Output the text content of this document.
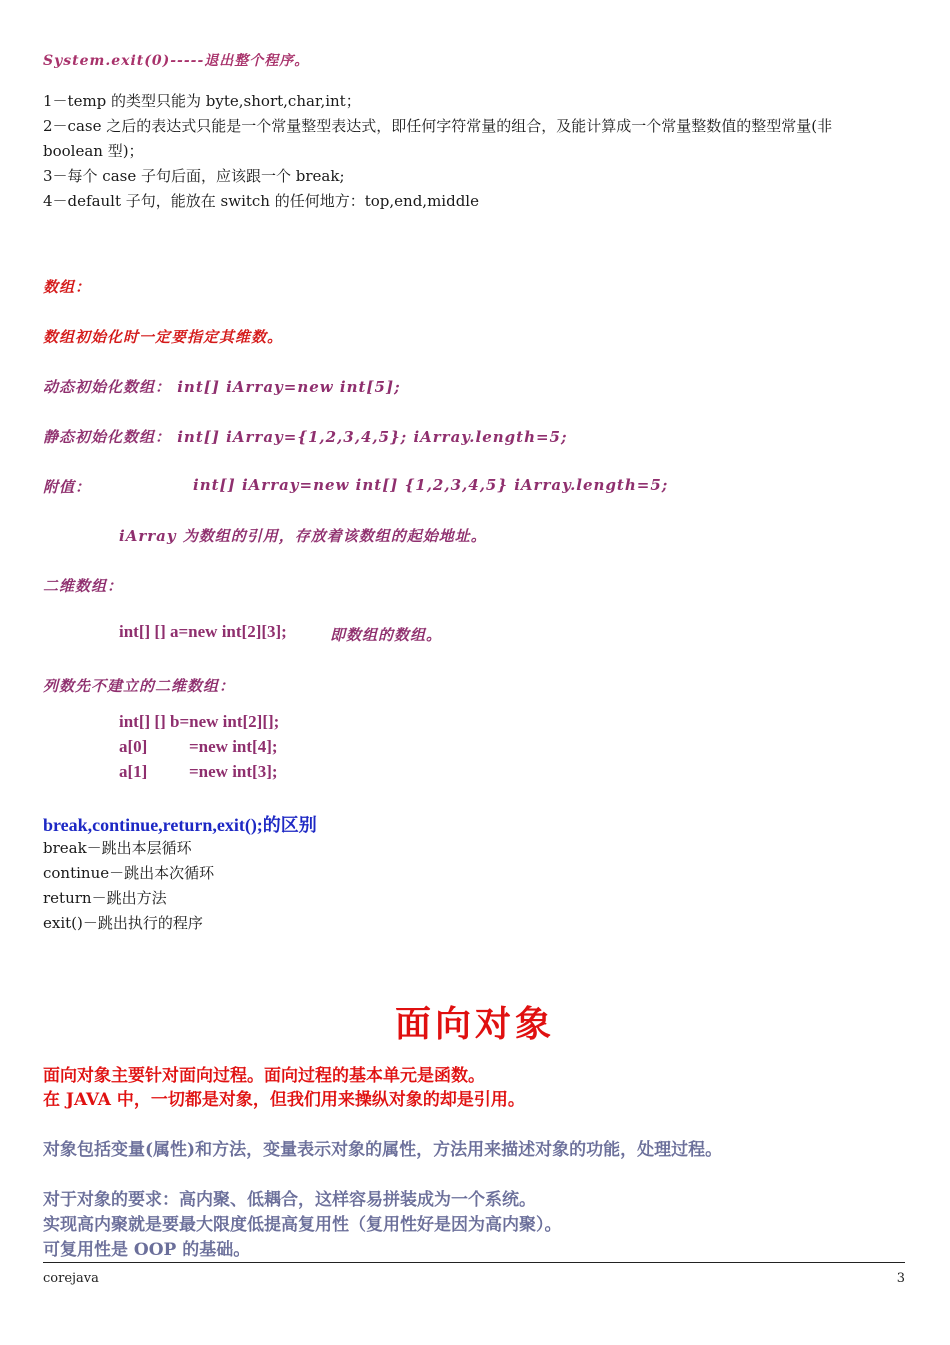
System.exit(0)-----退出整个程序。
1－temp 的类型只能为 byte,short,char,int；
2－case 之后的表达式只能是一个常量整型表达式，即任何字符常量的组合，及能计算成一个常量整数值的整型常量(非
boolean 型)；
3－每个 case 子句后面，应该跟一个 break;
4－default 子句，能放在 switch 的任何地方：top,end,middle
数组：
数组初始化时一定要指定其维数。
动态初始化数组： int[] iArray=new int[5];
静态初始化数组： int[] iArray={1,2,3,4,5}; iArray.length=5;
附值：	int[] iArray=new int[] {1,2,3,4,5} iArray.length=5;
iArray 为数组的引用，存放着该数组的起始地址。
二维数组：
int[] [] a=new int[2][3];	即数组的数组。
列数先不建立的二维数组：
int[] [] b=new int[2][];
a[0] =new int[4];
a[1] =new int[3];
break,continue,return,exit();的区别
break－跳出本层循环
continue－跳出本次循环
return－跳出方法
exit()－跳出执行的程序
面向对象
面向对象主要针对面向过程。面向过程的基本单元是函数。
在 JAVA 中，一切都是对象，但我们用来操纵对象的却是引用。
对象包括变量(属性)和方法，变量表示对象的属性，方法用来描述对象的功能，处理过程。
对于对象的要求：高内聚、低耦合，这样容易拼装成为一个系统。
实现高内聚就是要最大限度低提高复用性（复用性好是因为高内聚）。
可复用性是 OOP 的基础。
corejava	3
